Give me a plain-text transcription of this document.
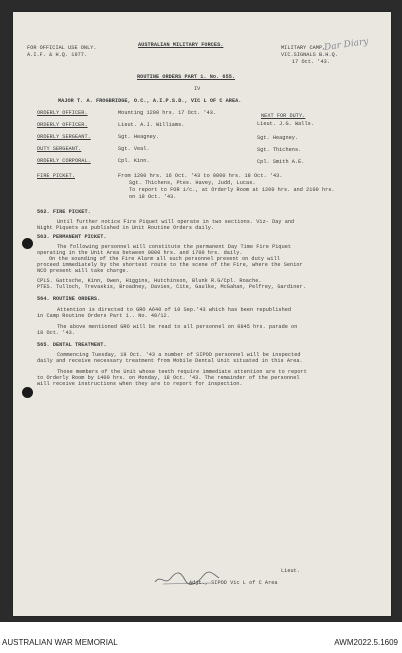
FOR OFFICIAL USE ONLY.
A.I.F. & H.Q. 1977.
AUSTRALIAN MILITARY FORCES.	MILITARY CAMP,
VIC.SIGNALS B.H.Q.
17 Oct. '43.
Dar Diary
ROUTINE ORDERS PART 1. No. 655.
IV
MAJOR T. A. FROGBRIDGE, O.C., A.I.P.S.D., VIC L OF C AREA.
ORDERLY OFFICER.	Mounting 1200 hrs. 17 Oct. '43.	NEXT FOR DUTY.
ORDERLY OFFICER.	Lieut. A.J. Williams.	Lieut. J.G. Walls.
ORDERLY SERGEANT.	Sgt. Heagney.	Sgt. Heagney.
DUTY SERGEANT.	Sgt. Veal.	Sgt. Thichens.
ORDERLY CORPORAL.	Cpl. Kinn.	Cpl. Smith A.E.
FIRE PICKET.	From 1200 hrs. 16 Oct. '43 to 0800 hrs. 18 Oct. '43.
Sgt. Thichens, Ptes. Havey, Judd, Lucas.
To report to FOR i/c., at Orderly Room at 1200 hrs. and 2100 hrs.
on 18 Oct. '43.
562. FIRE PICKET.
Until further notice Fire Piquet will operate in two sections. Viz- Day and
Night Piquets as published in Unit Routine Orders daily.
563. PERMANENT PICKET.
The following personnel will constitute the permanent Day Time Fire Piquet
operating in the Unit Area between 0800 hrs. and 1700 hrs. daily.
On the sounding of the Fire Alarm all such personnel present on duty will
proceed immediately by the shortest route to the scene of the Fire, where the Senior
NCO present will take charge.
CPLS. Gattsche, Kinn, Owen, Higgins, Hutchinson, Blunk R.G/Cpl. Roache.
PTES. Tulloch, Trevaskis, Broadney, Davies, Cite, Gaulke, McGahan, Pelfrey, Gardiner.
564. ROUTINE ORDERS.
Attention is directed to GRO A640 of 10 Sep.'43 which has been republished
in Camp Routine Orders Part 1.. No. 40/12.
The above mentioned GRO will be read to all personnel on 0845 hrs. parade on
18 Oct. '43.
565. DENTAL TREATMENT.
Commencing Tuesday, 19 Oct. '43 a number of SIPOD personnel will be inspected
daily and receive necessary treatment from Mobile Dental Unit situated in this Area.
Those members of the Unit whose teeth require immediate attention are to report
to Orderly Room by 1400 hrs. on Monday, 18 Oct. '43. The remainder of the personnel
will receive instructions when they are to report for inspection.
Lieut.
Adjt., SIPOD Vic L of C Area
AUSTRALIAN WAR MEMORIAL	AWM2022.5.1609
